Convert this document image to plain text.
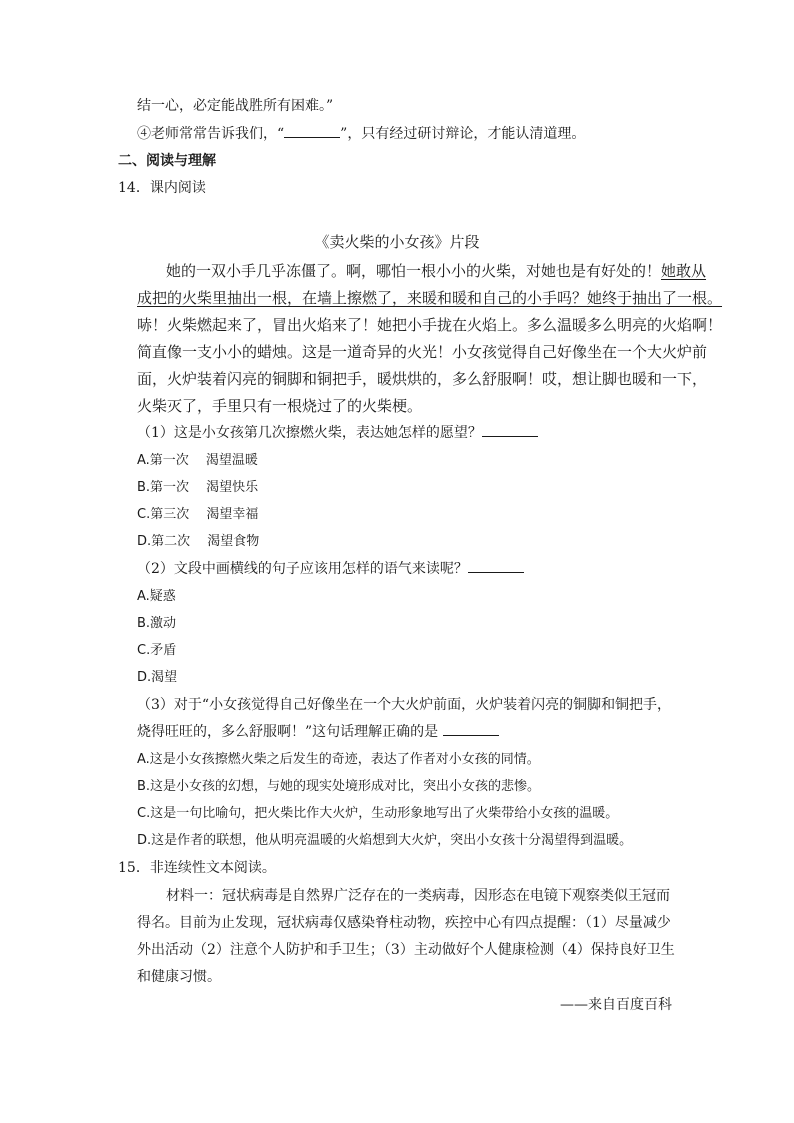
结一心，必定能战胜所有困难。”
④老师常常告诉我们，“	”，只有经过研讨辩论，才能认清道理。
二、阅读与理解
14．课内阅读
《卖火柴的小女孩》片段
她的一双小手几乎冻僵了。啊，哪怕一根小小的火柴，对她也是有好处的！她敢从
成把的火柴里抽出一根，在墙上擦燃了，来暖和暖和自己的小手吗？她终于抽出了一根。
哧！火柴燃起来了，冒出火焰来了！她把小手拢在火焰上。多么温暖多么明亮的火焰啊！
简直像一支小小的蜡烛。这是一道奇异的火光！小女孩觉得自己好像坐在一个大火炉前
面，火炉装着闪亮的铜脚和铜把手，暖烘烘的，多么舒服啊！哎，想让脚也暖和一下，
火柴灭了，手里只有一根烧过了的火柴梗。
（1）这是小女孩第几次擦燃火柴，表达她怎样的愿望？
A.第一次　 渴望温暖
B.第一次　 渴望快乐
C.第三次　 渴望幸福
D.第二次　 渴望食物
（2）文段中画横线的句子应该用怎样的语气来读呢？
A.疑惑
B.激动
C.矛盾
D.渴望
（3）对于“小女孩觉得自己好像坐在一个大火炉前面，火炉装着闪亮的铜脚和铜把手，
烧得旺旺的，多么舒服啊！”这句话理解正确的是
A.这是小女孩擦燃火柴之后发生的奇迹，表达了作者对小女孩的同情。
B.这是小女孩的幻想，与她的现实处境形成对比，突出小女孩的悲惨。
C.这是一句比喻句，把火柴比作大火炉，生动形象地写出了火柴带给小女孩的温暖。
D.这是作者的联想，他从明亮温暖的火焰想到大火炉，突出小女孩十分渴望得到温暖。
15．非连续性文本阅读。
材料一：冠状病毒是自然界广泛存在的一类病毒，因形态在电镜下观察类似王冠而
得名。目前为止发现，冠状病毒仅感染脊柱动物，疾控中心有四点提醒：（1）尽量减少
外出活动（2）注意个人防护和手卫生；（3）主动做好个人健康检测（4）保持良好卫生
和健康习惯。
——来自百度百科
